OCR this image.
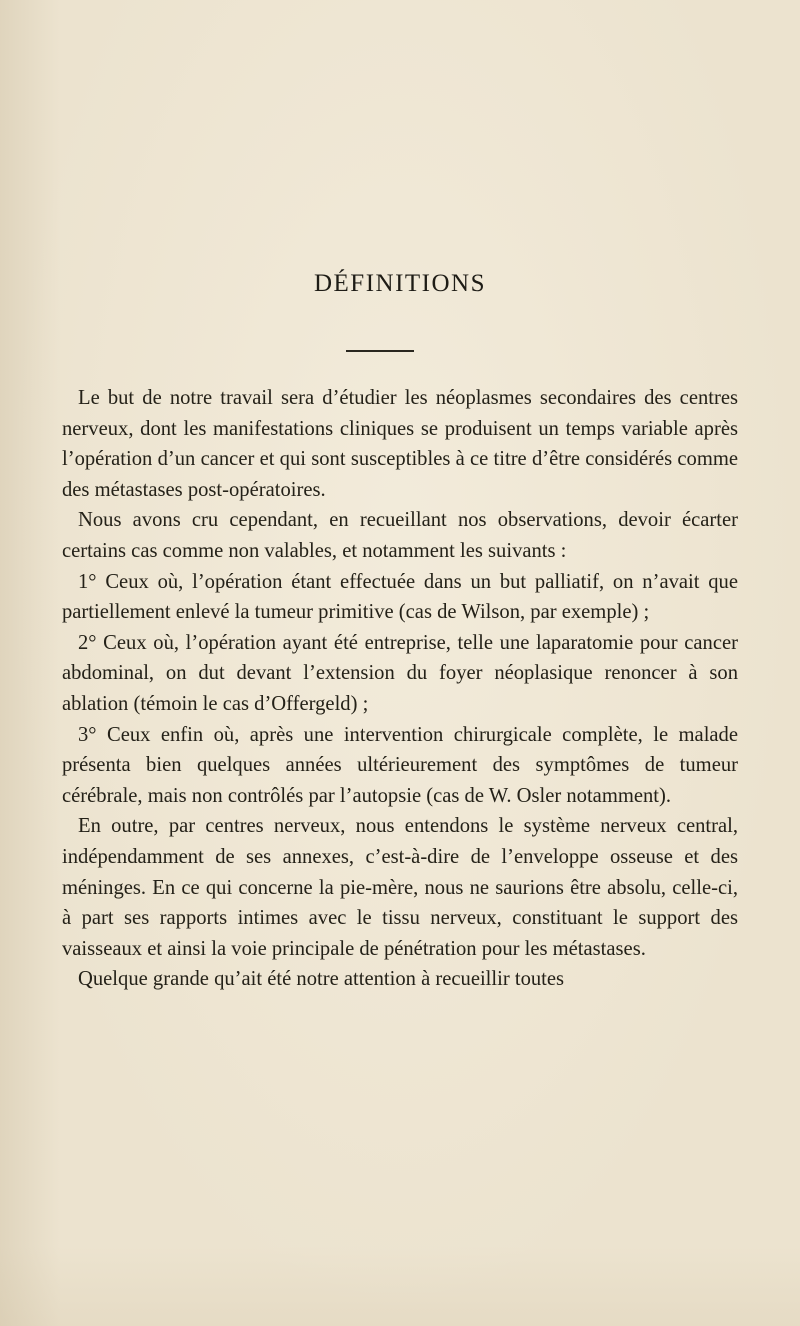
DÉFINITIONS

Le but de notre travail sera d’étudier les néoplasmes secondaires des centres nerveux, dont les manifestations cliniques se produisent un temps variable après l’opération d’un cancer et qui sont susceptibles à ce titre d’être considérés comme des métastases post-opératoires.

Nous avons cru cependant, en recueillant nos observations, devoir écarter certains cas comme non valables, et notamment les suivants :

1° Ceux où, l’opération étant effectuée dans un but palliatif, on n’avait que partiellement enlevé la tumeur primitive (cas de Wilson, par exemple) ;

2° Ceux où, l’opération ayant été entreprise, telle une laparatomie pour cancer abdominal, on dut devant l’extension du foyer néoplasique renoncer à son ablation (témoin le cas d’Offergeld) ;

3° Ceux enfin où, après une intervention chirurgicale complète, le malade présenta bien quelques années ultérieurement des symptômes de tumeur cérébrale, mais non contrôlés par l’autopsie (cas de W. Osler notamment).

En outre, par centres nerveux, nous entendons le système nerveux central, indépendamment de ses annexes, c’est-à-dire de l’enveloppe osseuse et des méninges. En ce qui concerne la pie-mère, nous ne saurions être absolu, celle-ci, à part ses rapports intimes avec le tissu nerveux, constituant le support des vaisseaux et ainsi la voie principale de pénétration pour les métastases.

Quelque grande qu’ait été notre attention à recueillir toutes
